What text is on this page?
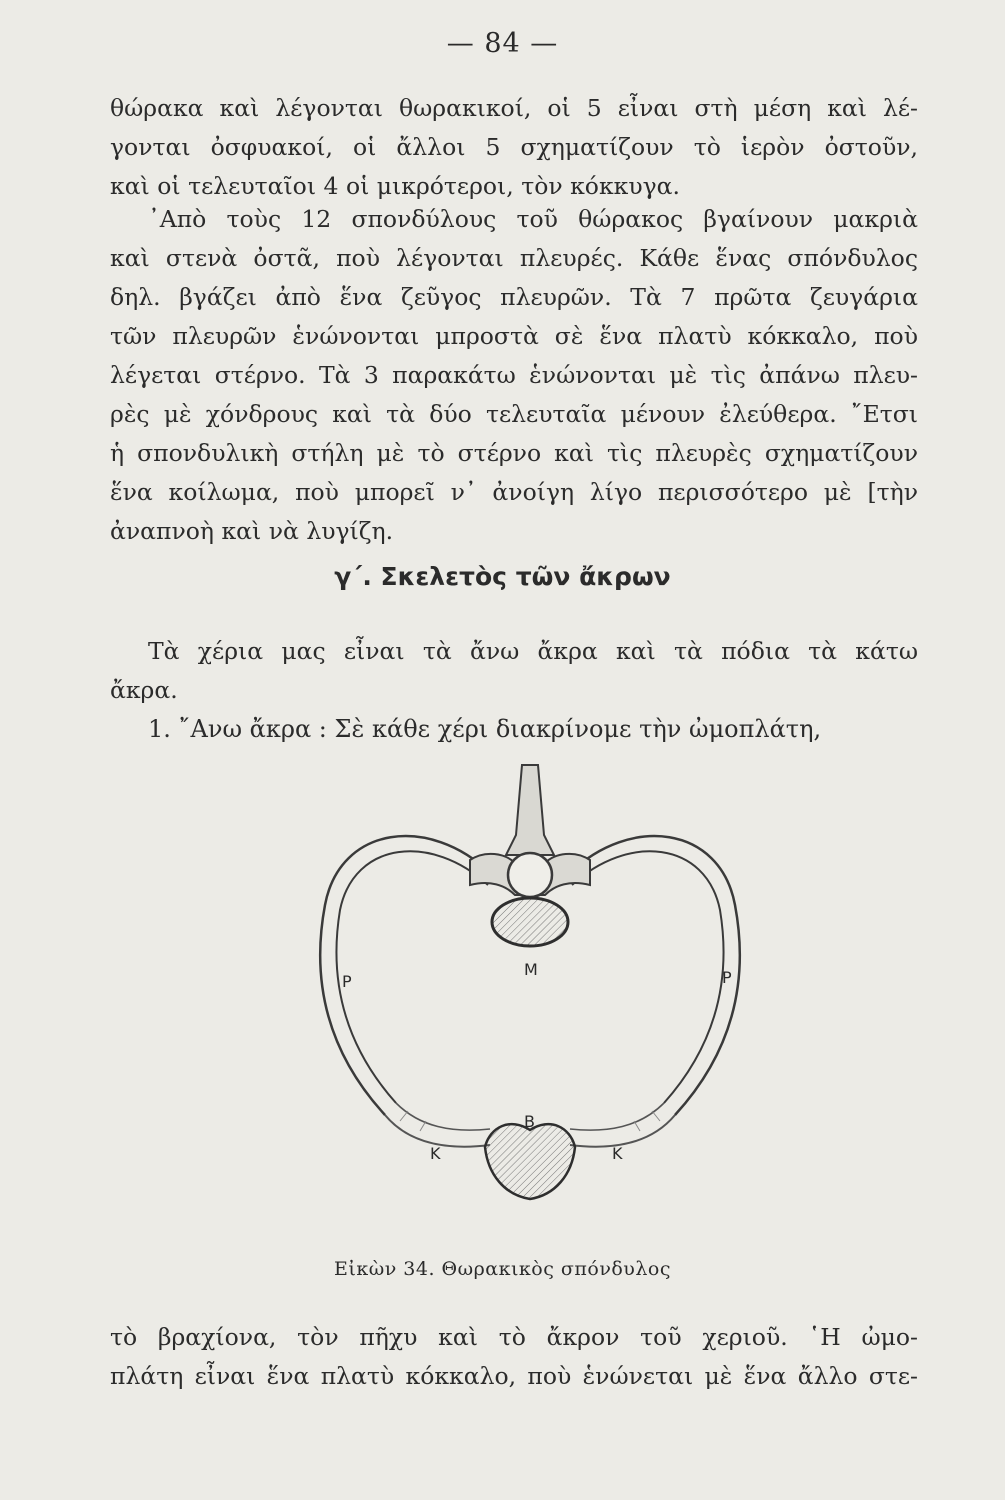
— 84 —
θώρακα καὶ λέγονται θωρακικοί, οἱ 5 εἶναι στὴ μέση καὶ λέ-
γονται ὀσφυακοί, οἱ ἄλλοι 5 σχηματίζουν τὸ ἱερὸν ὀστοῦν,
καὶ οἱ τελευταῖοι 4 οἱ μικρότεροι, τὸν κόκκυγα.
᾿Απὸ τοὺς 12 σπονδύλους τοῦ θώρακος βγαίνουν μακριὰ
καὶ στενὰ ὀστᾶ, ποὺ λέγονται πλευρές. Κάθε ἕνας σπόνδυλος
δηλ. βγάζει ἀπὸ ἕνα ζεῦγος πλευρῶν. Τὰ 7 πρῶτα ζευγάρια
τῶν πλευρῶν ἑνώνονται μπροστὰ σὲ ἕνα πλατὺ κόκκαλο, ποὺ
λέγεται στέρνο. Τὰ 3 παρακάτω ἑνώνονται μὲ τὶς ἀπάνω πλευ-
ρὲς μὲ χόνδρους καὶ τὰ δύο τελευταῖα μένουν ἐλεύθερα. ῎Ετσι
ἡ σπονδυλικὴ στήλη μὲ τὸ στέρνο καὶ τὶς πλευρὲς σχηματίζουν
ἕνα κοίλωμα, ποὺ μπορεῖ ν᾿ ἀνοίγη λίγο περισσότερο μὲ [τὴν
ἀναπνοὴ καὶ νὰ λυγίζη.
γ΄. Σκελετὸς τῶν ἄκρων
Τὰ χέρια μας εἶναι τὰ ἄνω ἄκρα καὶ τὰ πόδια τὰ κάτω
ἄκρα.
1. ῎Ανω ἄκρα : Σὲ κάθε χέρι διακρίνομε τὴν ὠμοπλάτη,
P	P
M
K	K
B
Εἰκὼν 34. Θωρακικὸς σπόνδυλος
τὸ βραχίονα, τὸν πῆχυ καὶ τὸ ἄκρον τοῦ χεριοῦ. ῾Η ὠμο-
πλάτη εἶναι ἕνα πλατὺ κόκκαλο, ποὺ ἑνώνεται μὲ ἕνα ἄλλο στε-
